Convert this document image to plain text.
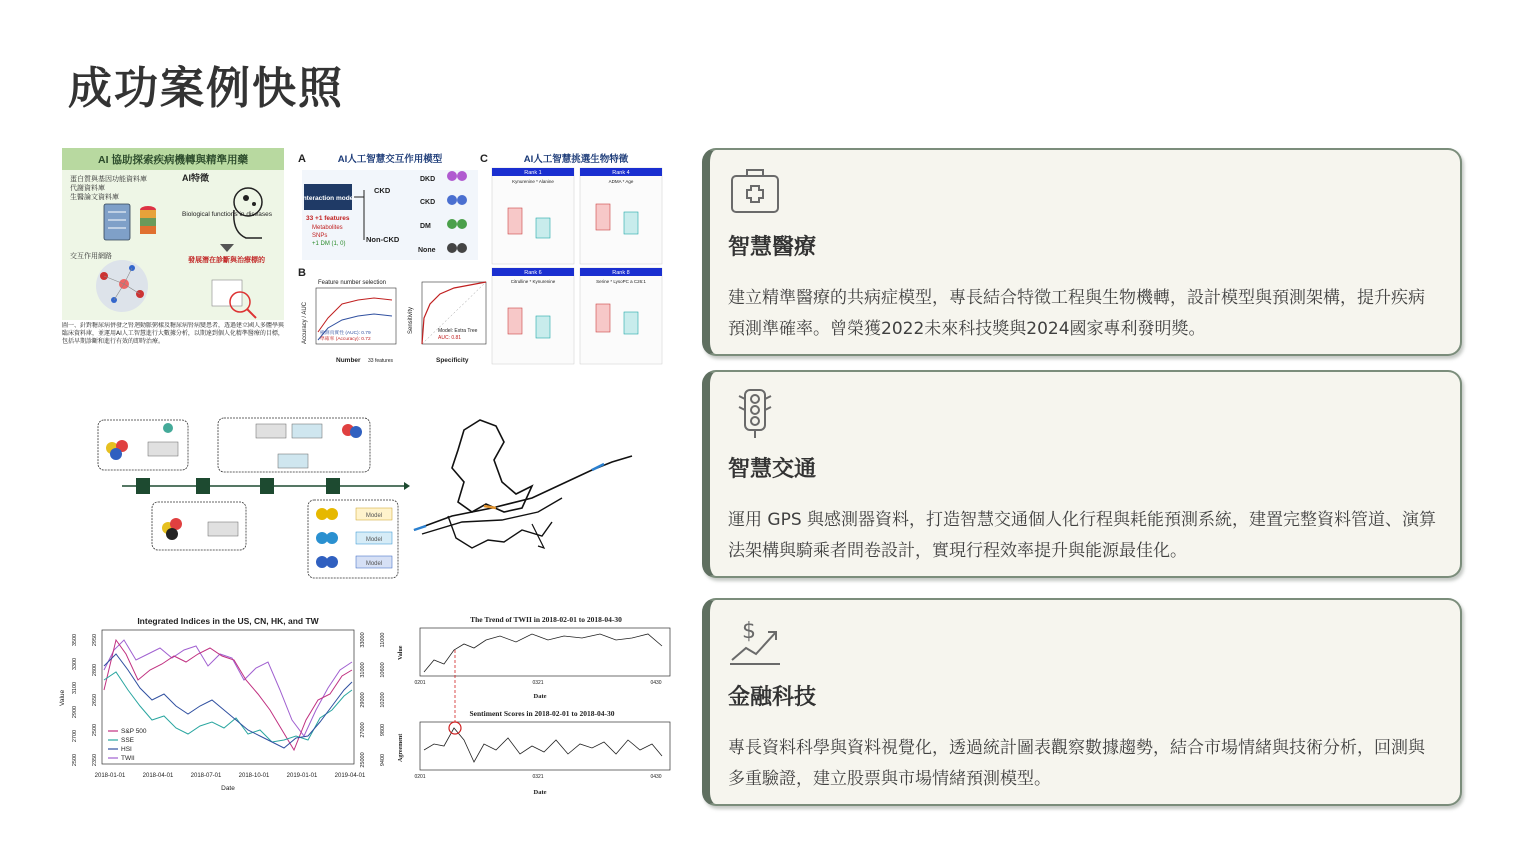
成功案例快照
AI 協助探索疾病機轉與精準用藥
蛋白質與基因功能資料庫
代謝資料庫
生醫論文資料庫
AI特徵
Biological functions in diseases
交互作用網路
發展潛在診斷與治療標的
圖一、針對糖尿病併發之腎迴動脈粥樣及糖尿病腎病變患者，透過建立國人多體學與臨床資料庫，並運用AI人工智慧進行大數據分析，以期達到個人化精準醫療的目標，包括早期診斷和進行有效的即時治療。
A	AI人工智慧交互作用模型
Interaction model
33 +1 features
Metabolites
SNPs
+1 DM (1, 0)
CKD
Non-CKD
DKD
CKD
DM
None
B
Feature number selection
Accuracy / AUC
Number 33 features
檢測真實性 (AUC): 0.79
準確率 (Accuracy): 0.72
Model: Extra Tree
AUC: 0.81
Specificity
Sensitivity
C	AI人工智慧挑選生物特徵
Rank 1	Rank 4
Rank 6	Rank 8
Kynurenine * Alanine	ADMA * Age
Citrulline * Kynurenine	Serine * LysoPC a C26:1
Model
Model
Model
Integrated Indices in the US, CN, HK, and TW
Value
Date
2018-01-01	2018-04-01	2018-07-01	2018-10-01	2019-01-01	2019-04-01
2950
2800
2650
2500
2350
3500
3300
3100
2900
2700
2500
33000
31000
29000
27000
25000
11000
10600
10200
9800
9400
S&P 500
SSE
HSI
TWII
The Trend of TWII in 2018-02-01 to 2018-04-30
Value
0201	0321	0430
Date
Sentiment Scores in 2018-02-01 to 2018-04-30
Agreement
0201	0321	0430
Date
智慧醫療
建立精準醫療的共病症模型，專長結合特徵工程與生物機轉，設計模型與預測架構，提升疾病預測準確率。曾榮獲2022未來科技獎與2024國家專利發明獎。
智慧交通
運用 GPS 與感測器資料，打造智慧交通個人化行程與耗能預測系統，建置完整資料管道、演算法架構與騎乘者問卷設計，實現行程效率提升與能源最佳化。
$
金融科技
專長資料科學與資料視覺化，透過統計圖表觀察數據趨勢，結合市場情緒與技術分析，回測與多重驗證，建立股票與市場情緒預測模型。
